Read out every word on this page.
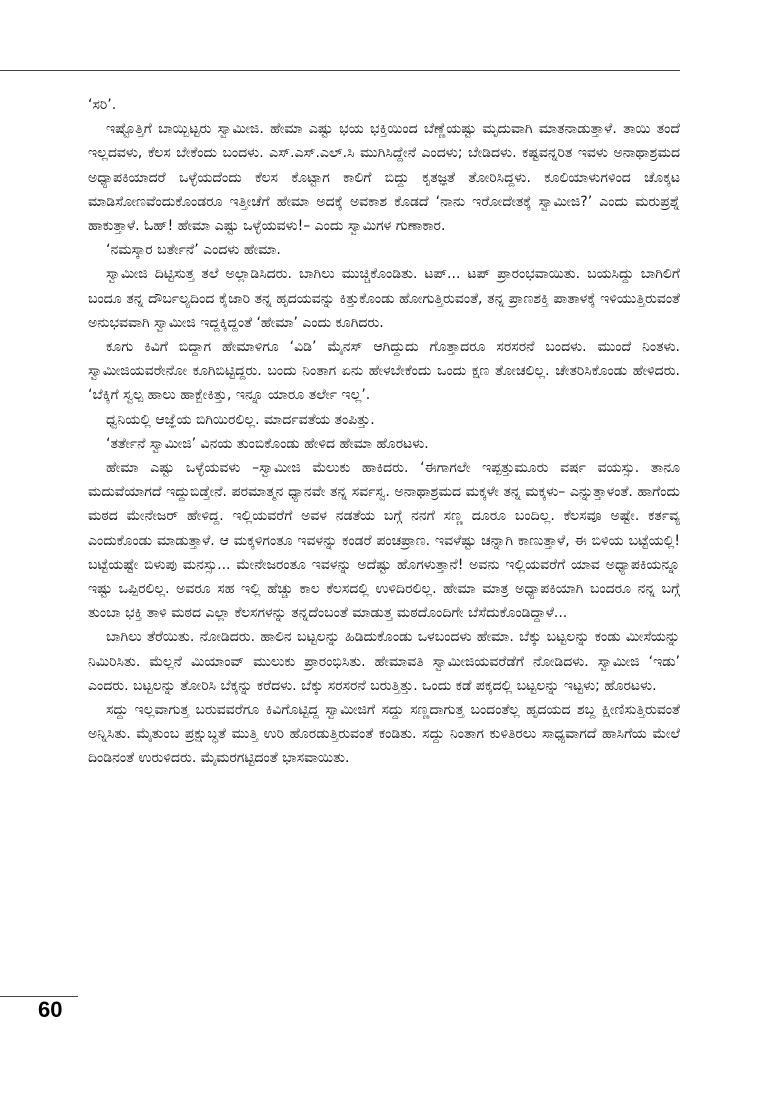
‘ಸರಿ’.

ಇಷ್ಟೊತ್ತಿಗೆ ಬಾಯ್ಬಿಟ್ಟರು ಸ್ವಾಮೀಜಿ. ಹೇಮಾ ಎಷ್ಟು ಭಯ ಭಕ್ತಿಯಿಂದ ಬೆಣ್ಣೆಯಷ್ಟು ಮೃದುವಾಗಿ ಮಾತನಾಡುತ್ತಾಳೆ. ತಾಯಿ ತಂದೆ ಇಲ್ಲದವಳು, ಕೆಲಸ ಬೇಕೆಂದು ಬಂದಳು. ಎಸ್.ಎಸ್.ಎಲ್.ಸಿ ಮುಗಿಸಿದ್ದೇನೆ ಎಂದಳು; ಬೇಡಿದಳು. ಕಷ್ಟವನ್ನರಿತ ಇವಳು ಅನಾಥಾಶ್ರಮದ ಅಧ್ಯಾಪಕಿಯಾದರೆ ಒಳ್ಳೆಯದೆಂದು ಕೆಲಸ ಕೊಟ್ಟಾಗ ಕಾಲಿಗೆ ಬಿದ್ದು ಕೃತಜ್ಞತೆ ತೋರಿಸಿದ್ದಳು. ಕೂಲಿಯಾಳುಗಳಿಂದ ಚೊಕ್ಕಟ ಮಾಡಿಸೋಣವೆಂದುಕೊಂಡರೂ ಇತ್ತೀಚೆಗೆ ಹೇಮಾ ಅದಕ್ಕೆ ಅವಕಾಶ ಕೊಡದೆ ‘ನಾನು ಇರೋದೇತಕ್ಕೆ ಸ್ವಾಮೀಜಿ?’ ಎಂದು ಮರುಪ್ರಶ್ನೆ ಹಾಕುತ್ತಾಳೆ. ಓಹ್! ಹೇಮಾ ಎಷ್ಟು ಒಳ್ಳೆಯವಳು!– ಎಂದು ಸ್ವಾಮಿಗಳ ಗುಣಾಕಾರ.

‘ನಮಸ್ಕಾರ ಬರ್ತೇನೆ’ ಎಂದಳು ಹೇಮಾ.

ಸ್ವಾಮೀಜಿ ದಿಟ್ಟಿಸುತ್ತ ತಲೆ ಅಲ್ಲಾಡಿಸಿದರು. ಬಾಗಿಲು ಮುಚ್ಚಿಕೊಂಡಿತು. ಟಪ್... ಟಪ್ ಪ್ರಾರಂಭವಾಯಿತು. ಬಯಸಿದ್ದು ಬಾಗಿಲಿಗೆ ಬಂದೂ ತನ್ನ ದೌರ್ಬಲ್ಯದಿಂದ ಕೈಜಾರಿ ತನ್ನ ಹೃದಯವನ್ನು ಕಿತ್ತುಕೊಂಡು ಹೋಗುತ್ತಿರುವಂತೆ, ತನ್ನ ಪ್ರಾಣಶಕ್ತಿ ಪಾತಾಳಕ್ಕೆ ಇಳಿಯುತ್ತಿರುವಂತೆ ಅನುಭವವಾಗಿ ಸ್ವಾಮೀಜಿ ಇದ್ದಕ್ಕಿದ್ದಂತೆ ‘ಹೇಮಾ’ ಎಂದು ಕೂಗಿದರು.

ಕೂಗು ಕಿವಿಗೆ ಬಿದ್ದಾಗ ಹೇಮಾಳಿಗೂ ‘ವಿಡಿ’ ಮೈನಸ್ ಆಗಿದ್ದುದು ಗೊತ್ತಾದರೂ ಸರಸರನೆ ಬಂದಳು. ಮುಂದೆ ನಿಂತಳು. ಸ್ವಾಮೀಜಿಯವರೇನೋ ಕೂಗಿಬಿಟ್ಟಿದ್ದರು. ಬಂದು ನಿಂತಾಗ ಏನು ಹೇಳಬೇಕೆಂದು ಒಂದು ಕ್ಷಣ ತೋಚಲಿಲ್ಲ. ಚೇತರಿಸಿಕೊಂಡು ಹೇಳಿದರು. ‘ಬೆಕ್ಕಿಗೆ ಸ್ವಲ್ಪ ಹಾಲು ಹಾಕ್ಬೇಕಿತ್ತು, ಇನ್ನೂ ಯಾರೂ ತರ್ಲೇ ಇಲ್ಲ’.

ಧ್ವನಿಯಲ್ಲಿ ಆಜ್ಞೆಯ ಬಿಗಿಯಿರಲಿಲ್ಲ. ಮಾರ್ದವತೆಯ ತಂಪಿತ್ತು.

‘ತರ್ತೇನೆ ಸ್ವಾಮೀಜಿ’ ವಿನಯ ತುಂಬಿಕೊಂಡು ಹೇಳಿದ ಹೇಮಾ ಹೊರಟಳು.

ಹೇಮಾ ಎಷ್ಟು ಒಳ್ಳೆಯವಳು –ಸ್ವಾಮೀಜಿ ಮೆಲುಕು ಹಾಕಿದರು. ‘ಈಗಾಗಲೇ ಇಪ್ಪತ್ತುಮೂರು ವರ್ಷ ವಯಸ್ಸು. ತಾನೂ ಮದುವೆಯಾಗದೆ ಇದ್ದುಬಿಡ್ತೇನೆ. ಪರಮಾತ್ಮನ ಧ್ಯಾನವೇ ತನ್ನ ಸರ್ವಸ್ವ. ಅನಾಥಾಶ್ರಮದ ಮಕ್ಕಳೇ ತನ್ನ ಮಕ್ಕಳು– ಎನ್ನುತ್ತಾಳಂತೆ. ಹಾಗೆಂದು ಮಠದ ಮೇನೇಜರ್ ಹೇಳಿದ್ದ. ಇಲ್ಲಿಯವರೆಗೆ ಅವಳ ನಡತೆಯ ಬಗ್ಗೆ ನನಗೆ ಸಣ್ಣ ದೂರೂ ಬಂದಿಲ್ಲ. ಕೆಲಸವೂ ಅಷ್ಟೇ. ಕರ್ತವ್ಯ ಎಂದುಕೊಂಡು ಮಾಡುತ್ತಾಳೆ. ಆ ಮಕ್ಕಳಿಗಂತೂ ಇವಳನ್ನು ಕಂಡರೆ ಪಂಚಪ್ರಾಣ. ಇವಳೆಷ್ಟು ಚನ್ನಾಗಿ ಕಾಣುತ್ತಾಳೆ, ಈ ಬಿಳಿಯ ಬಟ್ಟೆಯಲ್ಲಿ! ಬಟ್ಟೆಯಷ್ಟೇ ಬಿಳುಪು ಮನಸ್ಸು... ಮೇನೇಜರಂತೂ ಇವಳನ್ನು ಅದೆಷ್ಟು ಹೊಗಳುತ್ತಾನೆ! ಅವನು ಇಲ್ಲಿಯವರೆಗೆ ಯಾವ ಅಧ್ಯಾಪಕಿಯನ್ನೂ ಇಷ್ಟು ಒಪ್ಪಿರಲಿಲ್ಲ. ಅವರೂ ಸಹ ಇಲ್ಲಿ ಹೆಚ್ಚು ಕಾಲ ಕೆಲಸದಲ್ಲಿ ಉಳಿದಿರಲಿಲ್ಲ. ಹೇಮಾ ಮಾತ್ರ ಅಧ್ಯಾಪಕಿಯಾಗಿ ಬಂದರೂ ನನ್ನ ಬಗ್ಗೆ ತುಂಬಾ ಭಕ್ತಿ ತಾಳಿ ಮಠದ ಎಲ್ಲಾ ಕೆಲಸಗಳನ್ನು ತನ್ನದೆಂಬಂತೆ ಮಾಡುತ್ತ ಮಠದೊಂದಿಗೇ ಬೆಸೆದುಕೊಂಡಿದ್ದಾಳೆ...

ಬಾಗಿಲು ತೆರೆಯಿತು. ನೋಡಿದರು. ಹಾಲಿನ ಬಟ್ಟಲನ್ನು ಹಿಡಿದುಕೊಂಡು ಒಳಬಂದಳು ಹೇಮಾ. ಬೆಕ್ಕು ಬಟ್ಟಲನ್ನು ಕಂಡು ಮೀಸೆಯನ್ನು ನಿಮಿರಿಸಿತು. ಮೆಲ್ಲನೆ ಮಿಯಾಂವ್ ಮುಲುಕು ಪ್ರಾರಂಭಿಸಿತು. ಹೇಮಾವತಿ ಸ್ವಾಮೀಜಿಯವರೆಡೆಗೆ ನೋಡಿದಳು. ಸ್ವಾಮೀಜಿ ‘ಇಡು’ ಎಂದರು. ಬಟ್ಟಲನ್ನು ತೋರಿಸಿ ಬೆಕ್ಕನ್ನು ಕರೆದಳು. ಬೆಕ್ಕು ಸರಸರನೆ ಬರುತ್ತಿತ್ತು. ಒಂದು ಕಡೆ ಪಕ್ಕದಲ್ಲಿ ಬಟ್ಟಲನ್ನು ಇಟ್ಟಳು; ಹೊರಟಳು.

ಸದ್ದು ಇಲ್ಲವಾಗುತ್ತ ಬರುವವರೆಗೂ ಕಿವಿಗೊಟ್ಟಿದ್ದ ಸ್ವಾಮೀಜಿಗೆ ಸದ್ದು ಸಣ್ಣದಾಗುತ್ತ ಬಂದಂತೆಲ್ಲ ಹೃದಯದ ಶಬ್ದ ಕ್ಷೀಣಿಸುತ್ತಿರುವಂತೆ ಅನ್ನಿಸಿತು. ಮೈತುಂಬ ಪ್ರಕ್ಷುಬ್ಧತೆ ಮುತ್ತಿ ಉರಿ ಹೊರಡುತ್ತಿರುವಂತೆ ಕಂಡಿತು. ಸದ್ದು ನಿಂತಾಗ ಕುಳಿತಿರಲು ಸಾಧ್ಯವಾಗದೆ ಹಾಸಿಗೆಯ ಮೇಲೆ ದಿಂಡಿನಂತೆ ಉರುಳಿದರು. ಮೈಮರಗಟ್ಟಿದಂತೆ ಭಾಸವಾಯಿತು.

60
